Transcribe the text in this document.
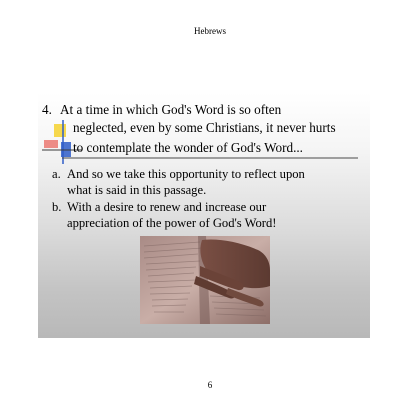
Hebrews
4. At a time in which God's Word is so often
neglected, even by some Christians, it never hurts
to contemplate the wonder of God's Word...
a. And so we take this opportunity to reflect upon
what is said in this passage.
b. With a desire to renew and increase our
appreciation of the power of God's Word!
6
